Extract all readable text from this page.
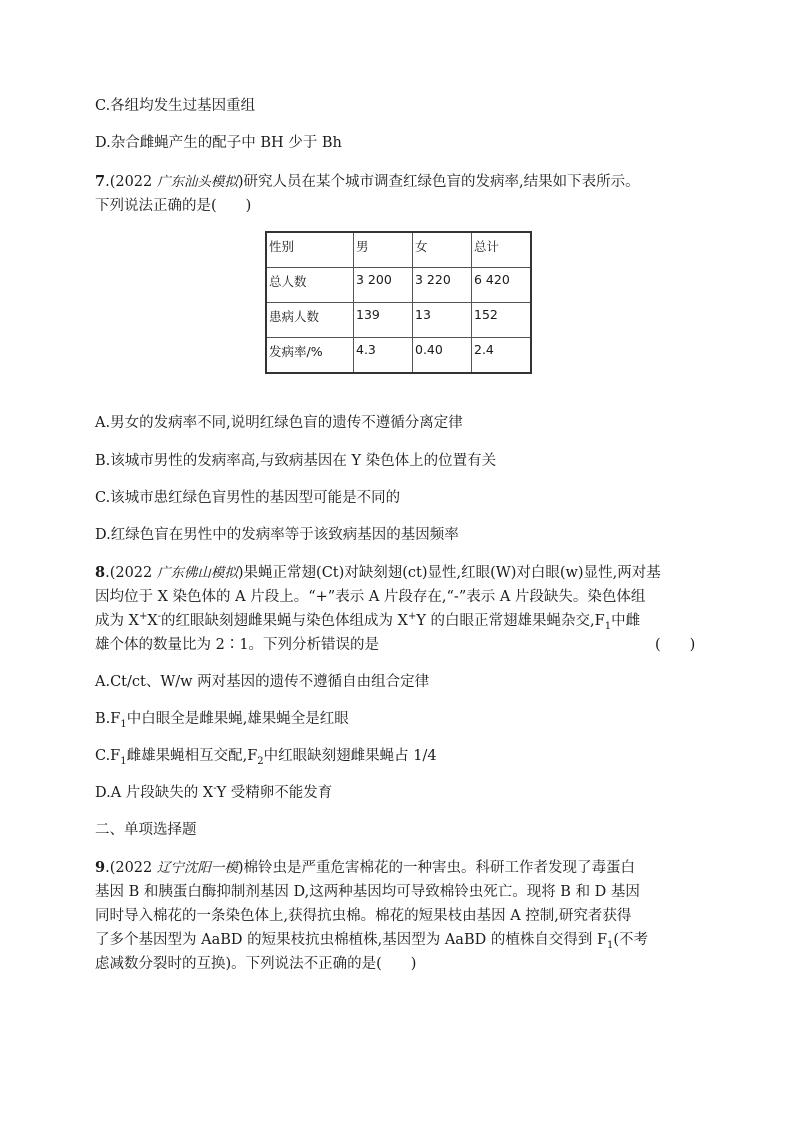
C.各组均发生过基因重组
D.杂合雌蝇产生的配子中 BH 少于 Bh
7.(2022 广东汕头模拟)研究人员在某个城市调查红绿色盲的发病率,结果如下表所示。
下列说法正确的是(　　)
性别	男	女	总计

总人数	3 200	3 220	6 420

患病人数	139	13	152

发病率/%	4.3	0.40	2.4
A.男女的发病率不同,说明红绿色盲的遗传不遵循分离定律
B.该城市男性的发病率高,与致病基因在 Y 染色体上的位置有关
C.该城市患红绿色盲男性的基因型可能是不同的
D.红绿色盲在男性中的发病率等于该致病基因的基因频率
8.(2022 广东佛山模拟)果蝇正常翅(Ct)对缺刻翅(ct)显性,红眼(W)对白眼(w)显性,两对基
因均位于 X 染色体的 A 片段上。“+”表示 A 片段存在,“-”表示 A 片段缺失。染色体组
成为 X+X-的红眼缺刻翅雌果蝇与染色体组成为 X+Y 的白眼正常翅雄果蝇杂交$,F_1$中雌
雄个体的数量比为 2∶1。下列分析错误的是	(　　)
A.Ct/ct、W/w 两对基因的遗传不遵循自由组合定律
$B.F_1$中白眼全是雌果蝇,雄果蝇全是红眼
$C.F_1$雌雄果蝇相互交配$,F_2$中红眼缺刻翅雌果蝇占 1/4
D.A 片段缺失的 X-Y 受精卵不能发育
二、单项选择题
9.(2022 辽宁沈阳一模)棉铃虫是严重危害棉花的一种害虫。科研工作者发现了毒蛋白
基因 B 和胰蛋白酶抑制剂基因 D,这两种基因均可导致棉铃虫死亡。现将 B 和 D 基因
同时导入棉花的一条染色体上,获得抗虫棉。棉花的短果枝由基因 A 控制,研究者获得
了多个基因型为 AaBD 的短果枝抗虫棉植株,基因型为 AaBD 的植株自交得到 $F_1$(不考
虑减数分裂时的互换)。下列说法不正确的是(　　)
